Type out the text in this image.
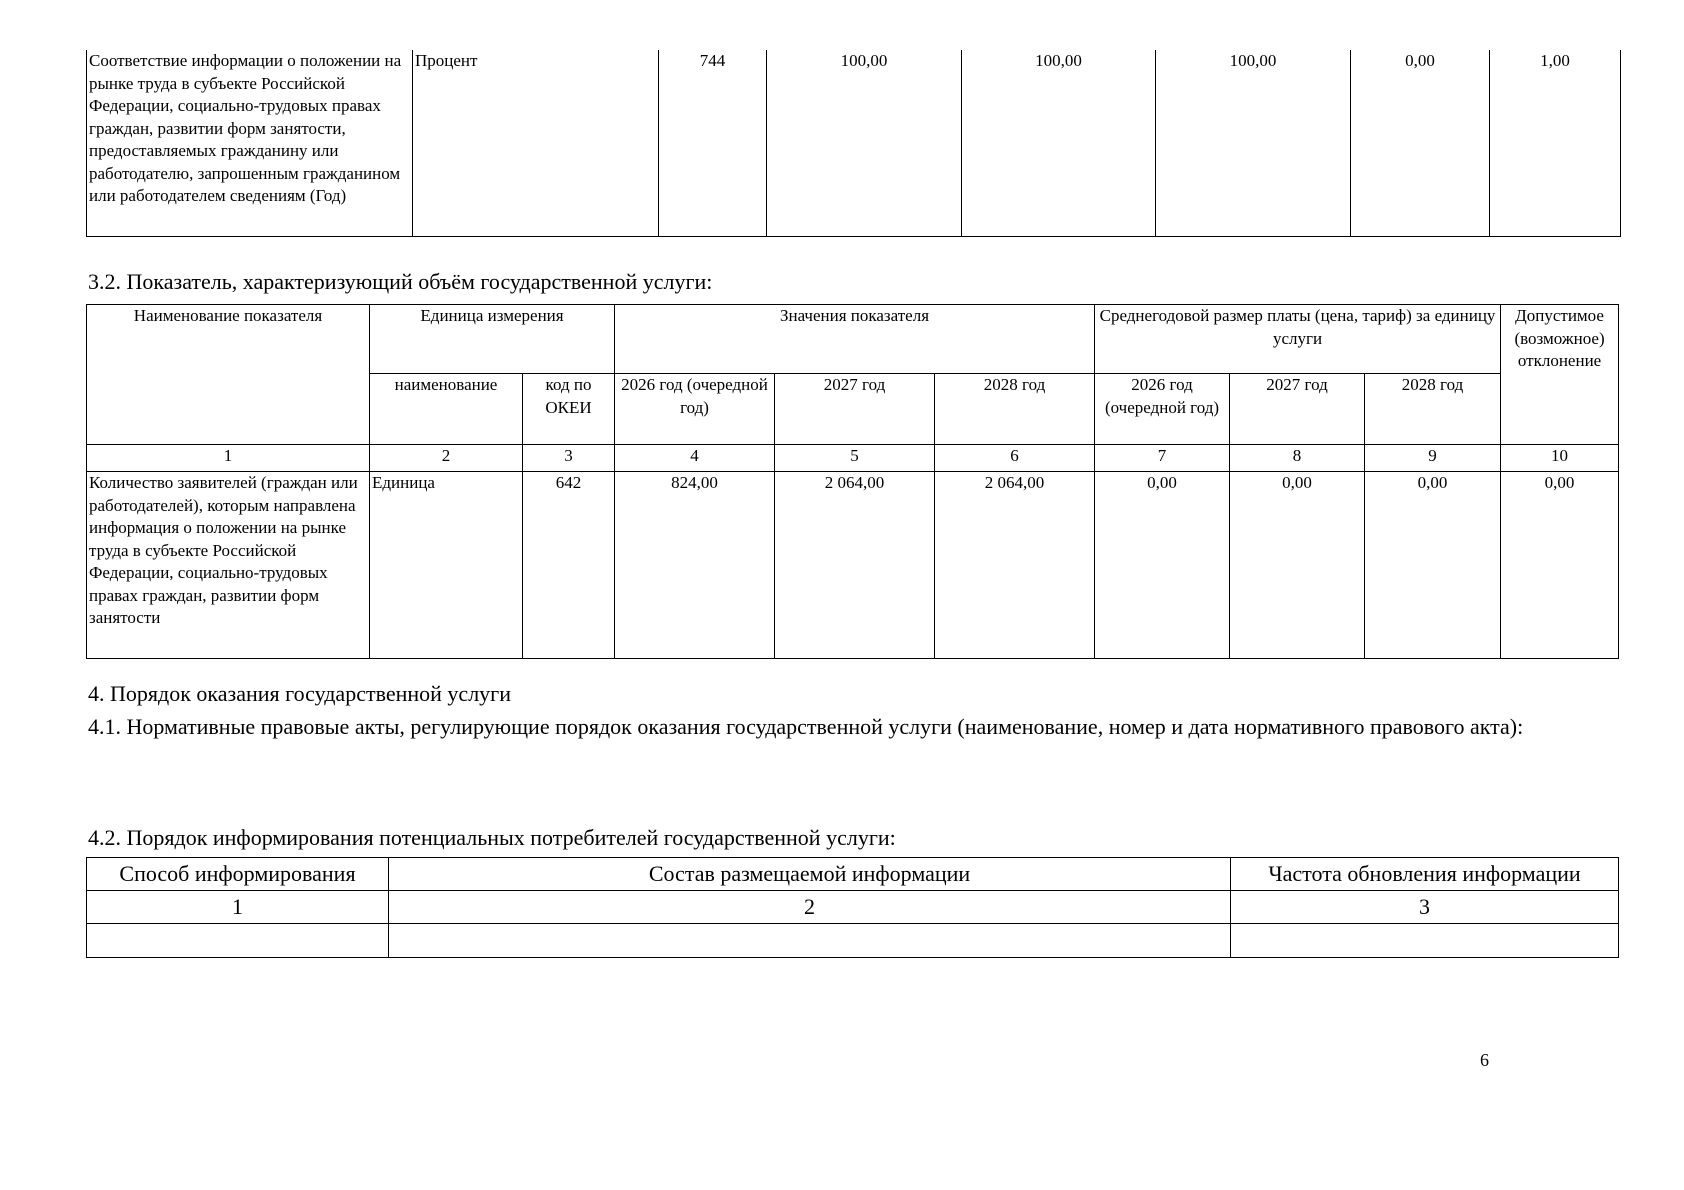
Соответствие информации о положении на рынке труда в субъекте Российской Федерации, социально-трудовых правах граждан, развитии форм занятости, предоставляемых гражданину или работодателю, запрошенным гражданином или работодателем сведениям (Год)	Процент	744	100,00	100,00	100,00	0,00	1,00
3.2. Показатель, характеризующий объём государственной услуги:
Наименование показателя	Единица измерения		Значения показателя			Среднегодовой размер платы (цена, тариф) за единицу услуги			Допустимое (возможное) отклонение
	наименование	код по ОКЕИ	2026 год (очередной год)	2027 год	2028 год	2026 год (очередной год)	2027 год	2028 год	
1	2	3	4	5	6	7	8	9	10
Количество заявителей (граждан или работодателей), которым направлена информация о положении на рынке труда в субъекте Российской Федерации, социально-трудовых правах граждан, развитии форм занятости	Единица	642	824,00	2 064,00	2 064,00	0,00	0,00	0,00	0,00
4. Порядок оказания государственной услуги
4.1. Нормативные правовые акты, регулирующие порядок оказания государственной услуги (наименование, номер и дата нормативного правового акта):
4.2. Порядок информирования потенциальных потребителей государственной услуги:
Способ информирования	Состав размещаемой информации	Частота обновления информации
1	2	3

6
